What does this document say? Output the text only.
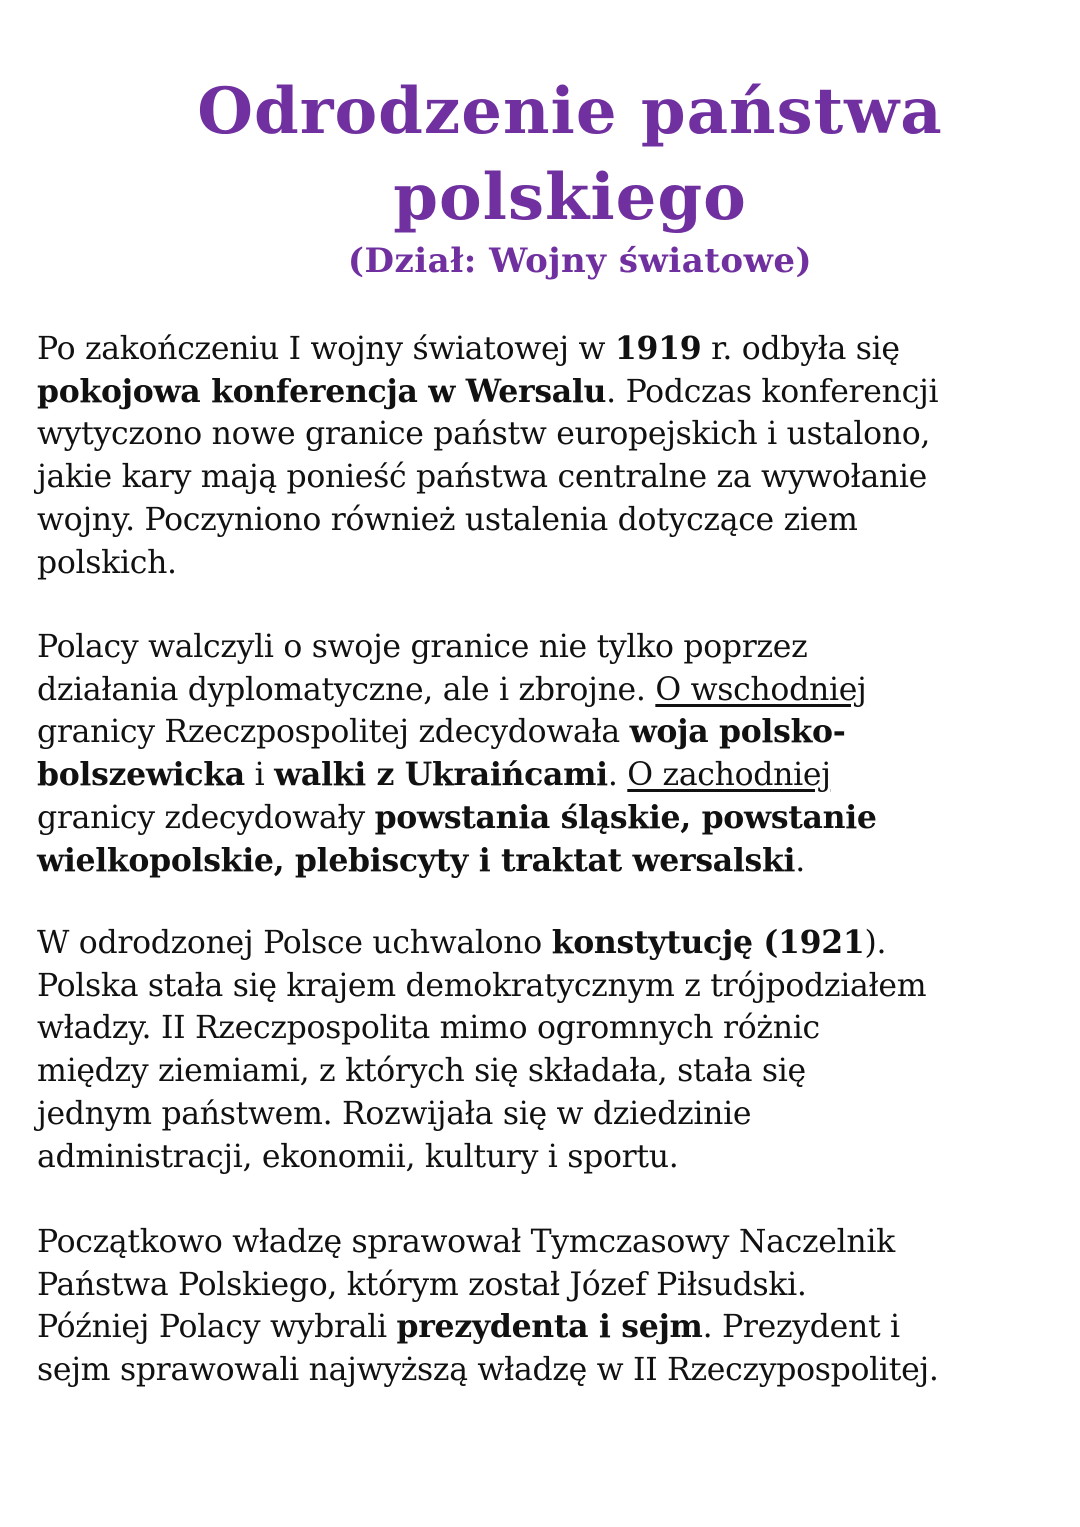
Odrodzenie państwa
polskiego
(Dział: Wojny światowe)

Po zakończeniu I wojny światowej w 1919 r. odbyła się
pokojowa konferencja w Wersalu. Podczas konferencji
wytyczono nowe granice państw europejskich i ustalono,
jakie kary mają ponieść państwa centralne za wywołanie
wojny. Poczyniono również ustalenia dotyczące ziem
polskich.

Polacy walczyli o swoje granice nie tylko poprzez
działania dyplomatyczne, ale i zbrojne. O wschodniej
granicy Rzeczpospolitej zdecydowała woja polsko-
bolszewicka i walki z Ukraińcami. O zachodniej
granicy zdecydowały powstania śląskie, powstanie
wielkopolskie, plebiscyty i traktat wersalski.

W odrodzonej Polsce uchwalono konstytucję (1921).
Polska stała się krajem demokratycznym z trójpodziałem
władzy. II Rzeczpospolita mimo ogromnych różnic
między ziemiami, z których się składała, stała się
jednym państwem. Rozwijała się w dziedzinie
administracji, ekonomii, kultury i sportu.

Początkowo władzę sprawował Tymczasowy Naczelnik
Państwa Polskiego, którym został Józef Piłsudski.
Później Polacy wybrali prezydenta i sejm. Prezydent i
sejm sprawowali najwyższą władzę w II Rzeczypospolitej.
